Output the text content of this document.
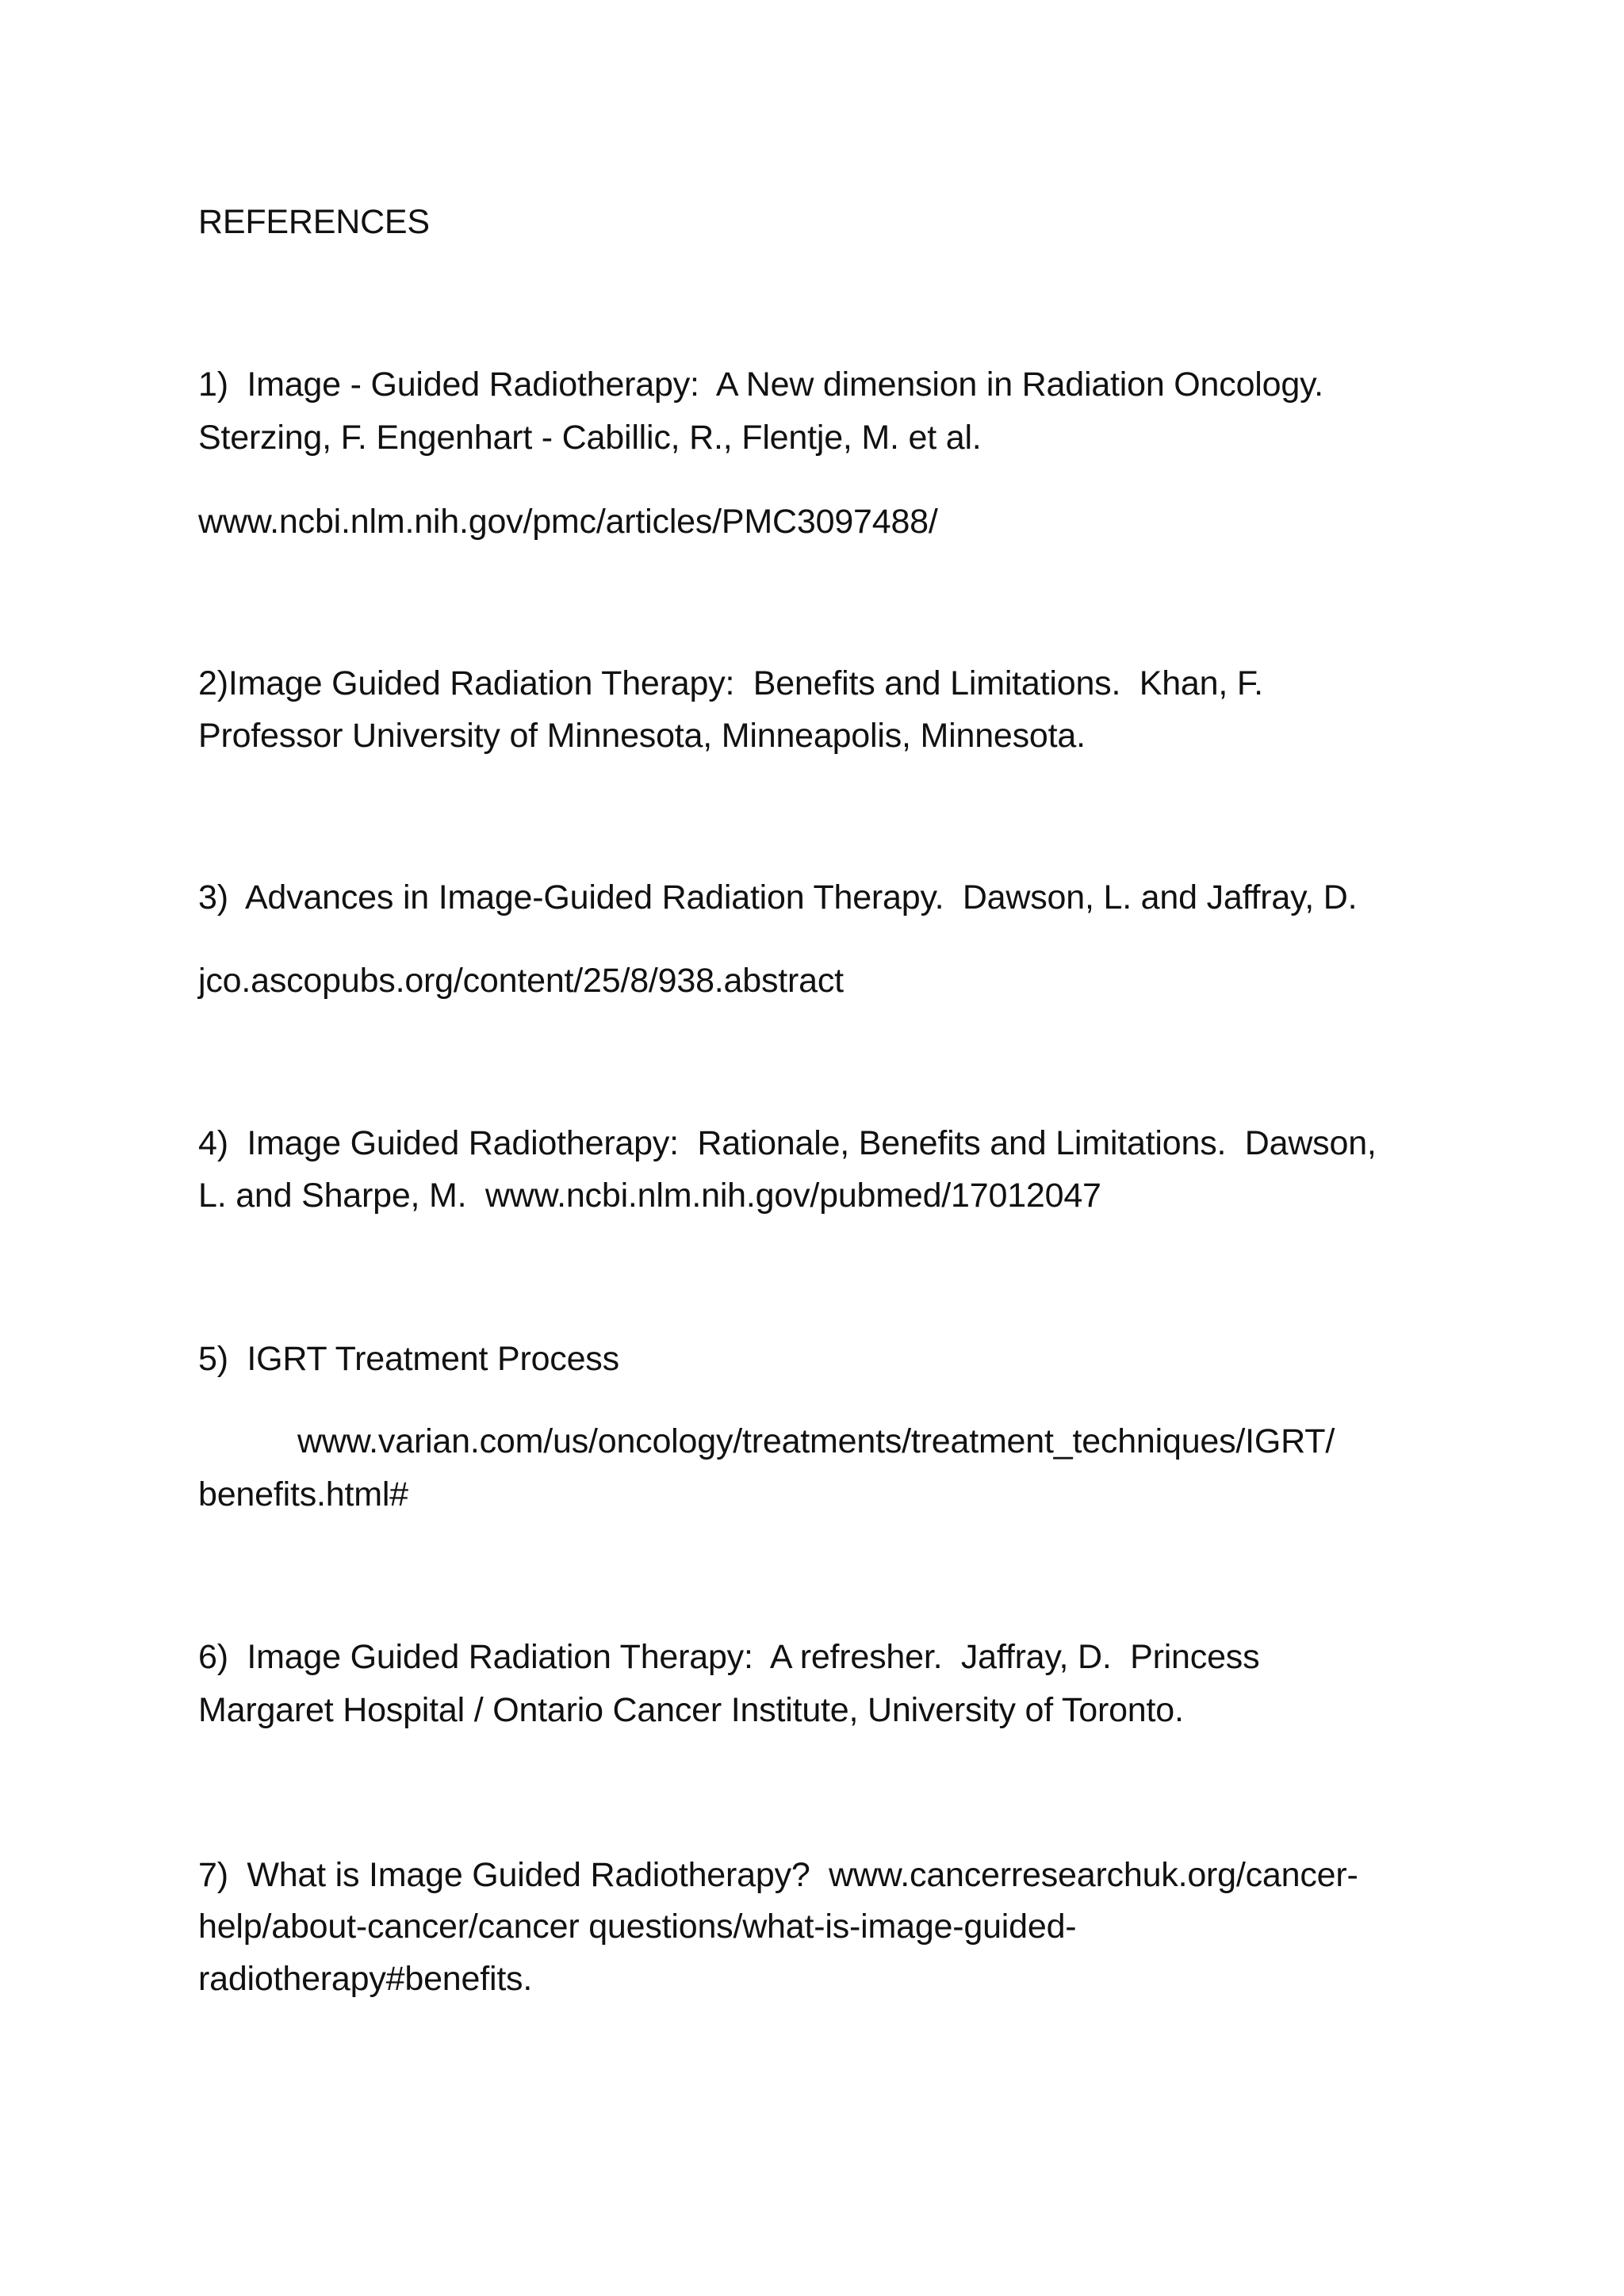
REFERENCES
1)  Image - Guided Radiotherapy:  A New dimension in Radiation Oncology.
Sterzing, F. Engenhart - Cabillic, R., Flentje, M. et al.
www.ncbi.nlm.nih.gov/pmc/articles/PMC3097488/
2)Image Guided Radiation Therapy:  Benefits and Limitations.  Khan, F.
Professor University of Minnesota, Minneapolis, Minnesota.
3)  Advances in Image-Guided Radiation Therapy.  Dawson, L. and Jaffray, D.
jco.ascopubs.org/content/25/8/938.abstract
4)  Image Guided Radiotherapy:  Rationale, Benefits and Limitations.  Dawson,
L. and Sharpe, M.  www.ncbi.nlm.nih.gov/pubmed/17012047
5)  IGRT Treatment Process
www.varian.com/us/oncology/treatments/treatment_techniques/IGRT/
benefits.html#
6)  Image Guided Radiation Therapy:  A refresher.  Jaffray, D.  Princess
Margaret Hospital / Ontario Cancer Institute, University of Toronto.
7)  What is Image Guided Radiotherapy?  www.cancerresearchuk.org/cancer-
help/about-cancer/cancer questions/what-is-image-guided-
radiotherapy#benefits.
